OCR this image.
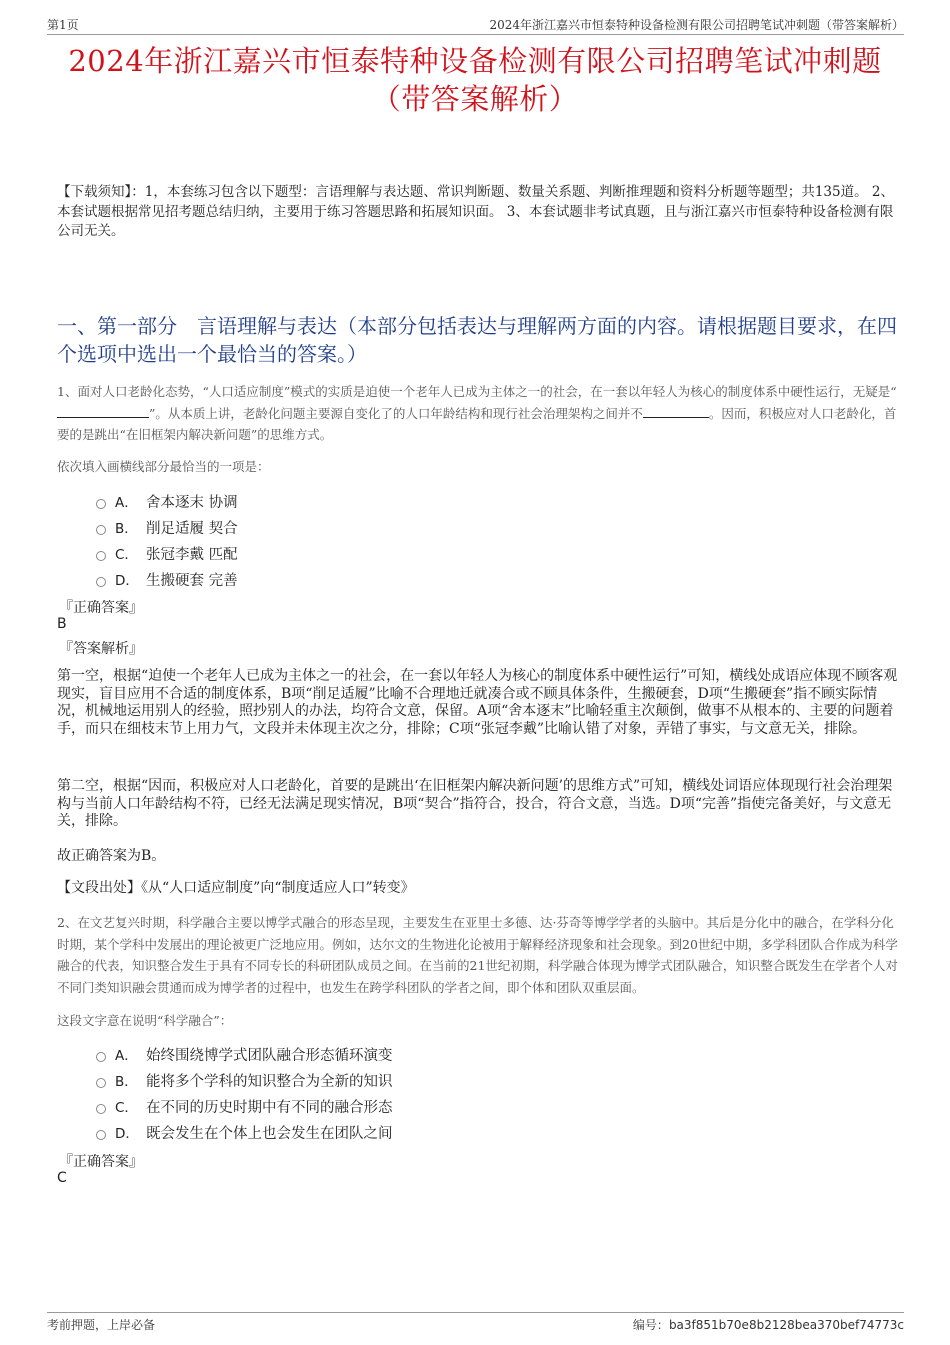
第1页	2024年浙江嘉兴市恒泰特种设备检测有限公司招聘笔试冲刺题（带答案解析）
2024年浙江嘉兴市恒泰特种设备检测有限公司招聘笔试冲刺题
（带答案解析）
【下载须知】：1，本套练习包含以下题型：言语理解与表达题、常识判断题、数量关系题、判断推理题和资料分析题等题型；共135道。 2、本套试题根据常见招考题总结归纳，主要用于练习答题思路和拓展知识面。 3、本套试题非考试真题，且与浙江嘉兴市恒泰特种设备检测有限公司无关。
一、第一部分　言语理解与表达（本部分包括表达与理解两方面的内容。请根据题目要求，在四个选项中选出一个最恰当的答案。）
1、面对人口老龄化态势，“人口适应制度”模式的实质是迫使一个老年人已成为主体之一的社会，在一套以年轻人为核心的制度体系中硬性运行，无疑是“”。从本质上讲，老龄化问题主要源自变化了的人口年龄结构和现行社会治理架构之间并不	。因而，积极应对人口老龄化，首要的是跳出“在旧框架内解决新问题”的思维方式。
依次填入画横线部分最恰当的一项是：
A． 舍本逐末 协调
B． 削足适履 契合
C． 张冠李戴 匹配
D． 生搬硬套 完善
『正确答案』
B
『答案解析』
第一空，根据“迫使一个老年人已成为主体之一的社会，在一套以年轻人为核心的制度体系中硬性运行”可知，横线处成语应体现不顾客观现实，盲目应用不合适的制度体系，B项“削足适履”比喻不合理地迁就凑合或不顾具体条件，生搬硬套，D项“生搬硬套”指不顾实际情况，机械地运用别人的经验，照抄别人的办法，均符合文意，保留。A项“舍本逐末”比喻轻重主次颠倒，做事不从根本的、主要的问题着手，而只在细枝末节上用力气，文段并未体现主次之分，排除；C项“张冠李戴”比喻认错了对象，弄错了事实，与文意无关，排除。
第二空，根据“因而，积极应对人口老龄化，首要的是跳出‘在旧框架内解决新问题’的思维方式”可知，横线处词语应体现现行社会治理架构与当前人口年龄结构不符，已经无法满足现实情况，B项“契合”指符合，投合，符合文意，当选。D项“完善”指使完备美好，与文意无关，排除。
故正确答案为B。
【文段出处】《从“人口适应制度”向“制度适应人口”转变》
2、在文艺复兴时期，科学融合主要以博学式融合的形态呈现，主要发生在亚里士多德、达·芬奇等博学学者的头脑中。其后是分化中的融合，在学科分化时期，某个学科中发展出的理论被更广泛地应用。例如，达尔文的生物进化论被用于解释经济现象和社会现象。到20世纪中期，多学科团队合作成为科学融合的代表，知识整合发生于具有不同专长的科研团队成员之间。在当前的21世纪初期，科学融合体现为博学式团队融合，知识整合既发生在学者个人对不同门类知识融会贯通而成为博学者的过程中，也发生在跨学科团队的学者之间，即个体和团队双重层面。
这段文字意在说明“科学融合”：
A． 始终围绕博学式团队融合形态循环演变
B． 能将多个学科的知识整合为全新的知识
C． 在不同的历史时期中有不同的融合形态
D． 既会发生在个体上也会发生在团队之间
『正确答案』
C
考前押题，上岸必备	编号：ba3f851b70e8b2128bea370bef74773c
